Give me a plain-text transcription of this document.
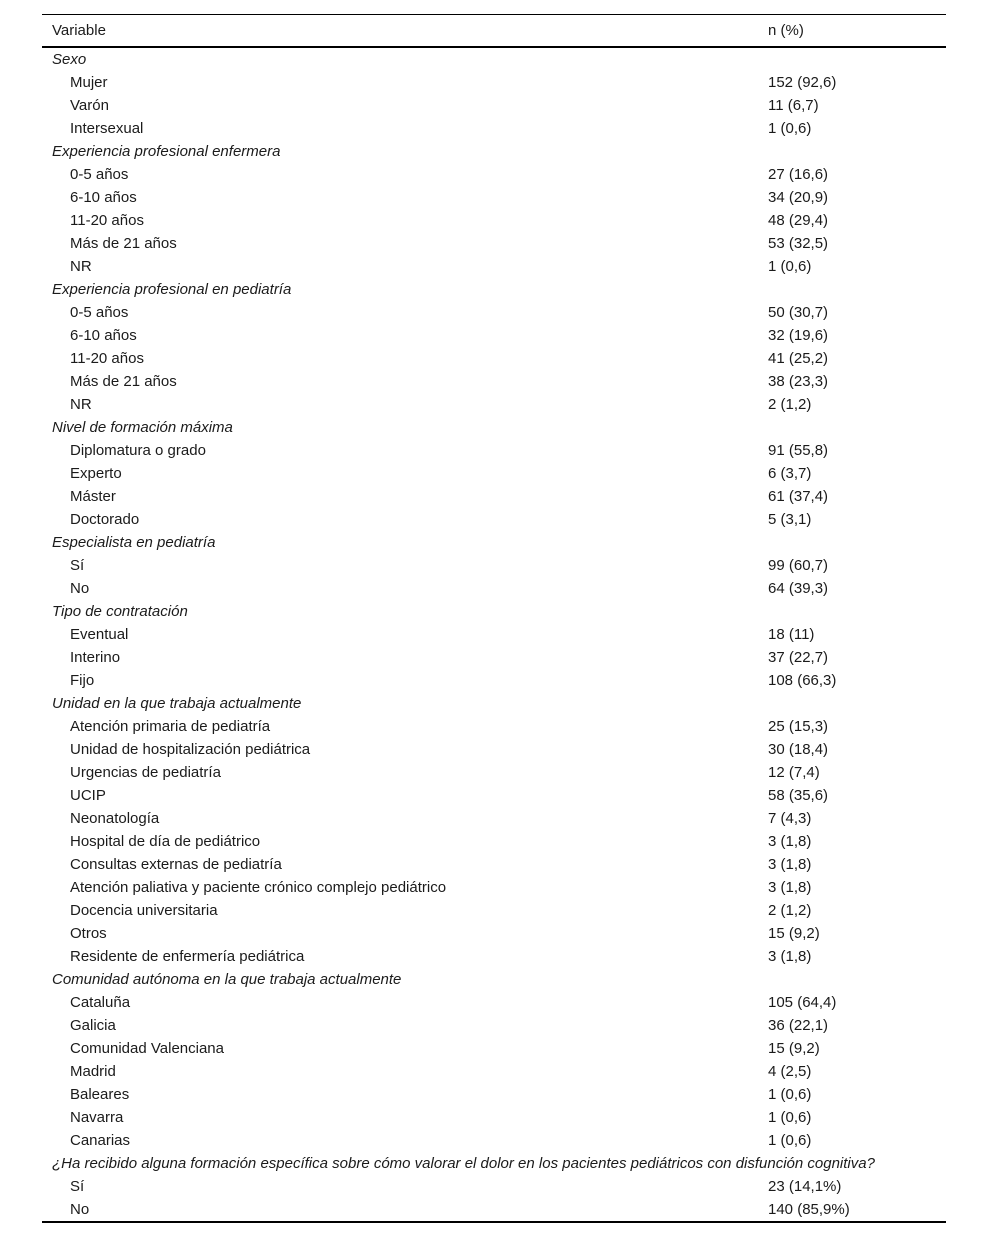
Variable	n (%)
Sexo
Mujer	152 (92,6)
Varón	11 (6,7)
Intersexual	1 (0,6)
Experiencia profesional enfermera
0-5 años	27 (16,6)
6-10 años	34 (20,9)
11-20 años	48 (29,4)
Más de 21 años	53 (32,5)
NR	1 (0,6)
Experiencia profesional en pediatría
0-5 años	50 (30,7)
6-10 años	32 (19,6)
11-20 años	41 (25,2)
Más de 21 años	38 (23,3)
NR	2 (1,2)
Nivel de formación máxima
Diplomatura o grado	91 (55,8)
Experto	6 (3,7)
Máster	61 (37,4)
Doctorado	5 (3,1)
Especialista en pediatría
Sí	99 (60,7)
No	64 (39,3)
Tipo de contratación
Eventual	18 (11)
Interino	37 (22,7)
Fijo	108 (66,3)
Unidad en la que trabaja actualmente
Atención primaria de pediatría	25 (15,3)
Unidad de hospitalización pediátrica	30 (18,4)
Urgencias de pediatría	12 (7,4)
UCIP	58 (35,6)
Neonatología	7 (4,3)
Hospital de día de pediátrico	3 (1,8)
Consultas externas de pediatría	3 (1,8)
Atención paliativa y paciente crónico complejo pediátrico	3 (1,8)
Docencia universitaria	2 (1,2)
Otros	15 (9,2)
Residente de enfermería pediátrica	3 (1,8)
Comunidad autónoma en la que trabaja actualmente
Cataluña	105 (64,4)
Galicia	36 (22,1)
Comunidad Valenciana	15 (9,2)
Madrid	4 (2,5)
Baleares	1 (0,6)
Navarra	1 (0,6)
Canarias	1 (0,6)
¿Ha recibido alguna formación específica sobre cómo valorar el dolor en los pacientes pediátricos con disfunción cognitiva?
Sí	23 (14,1%)
No	140 (85,9%)
